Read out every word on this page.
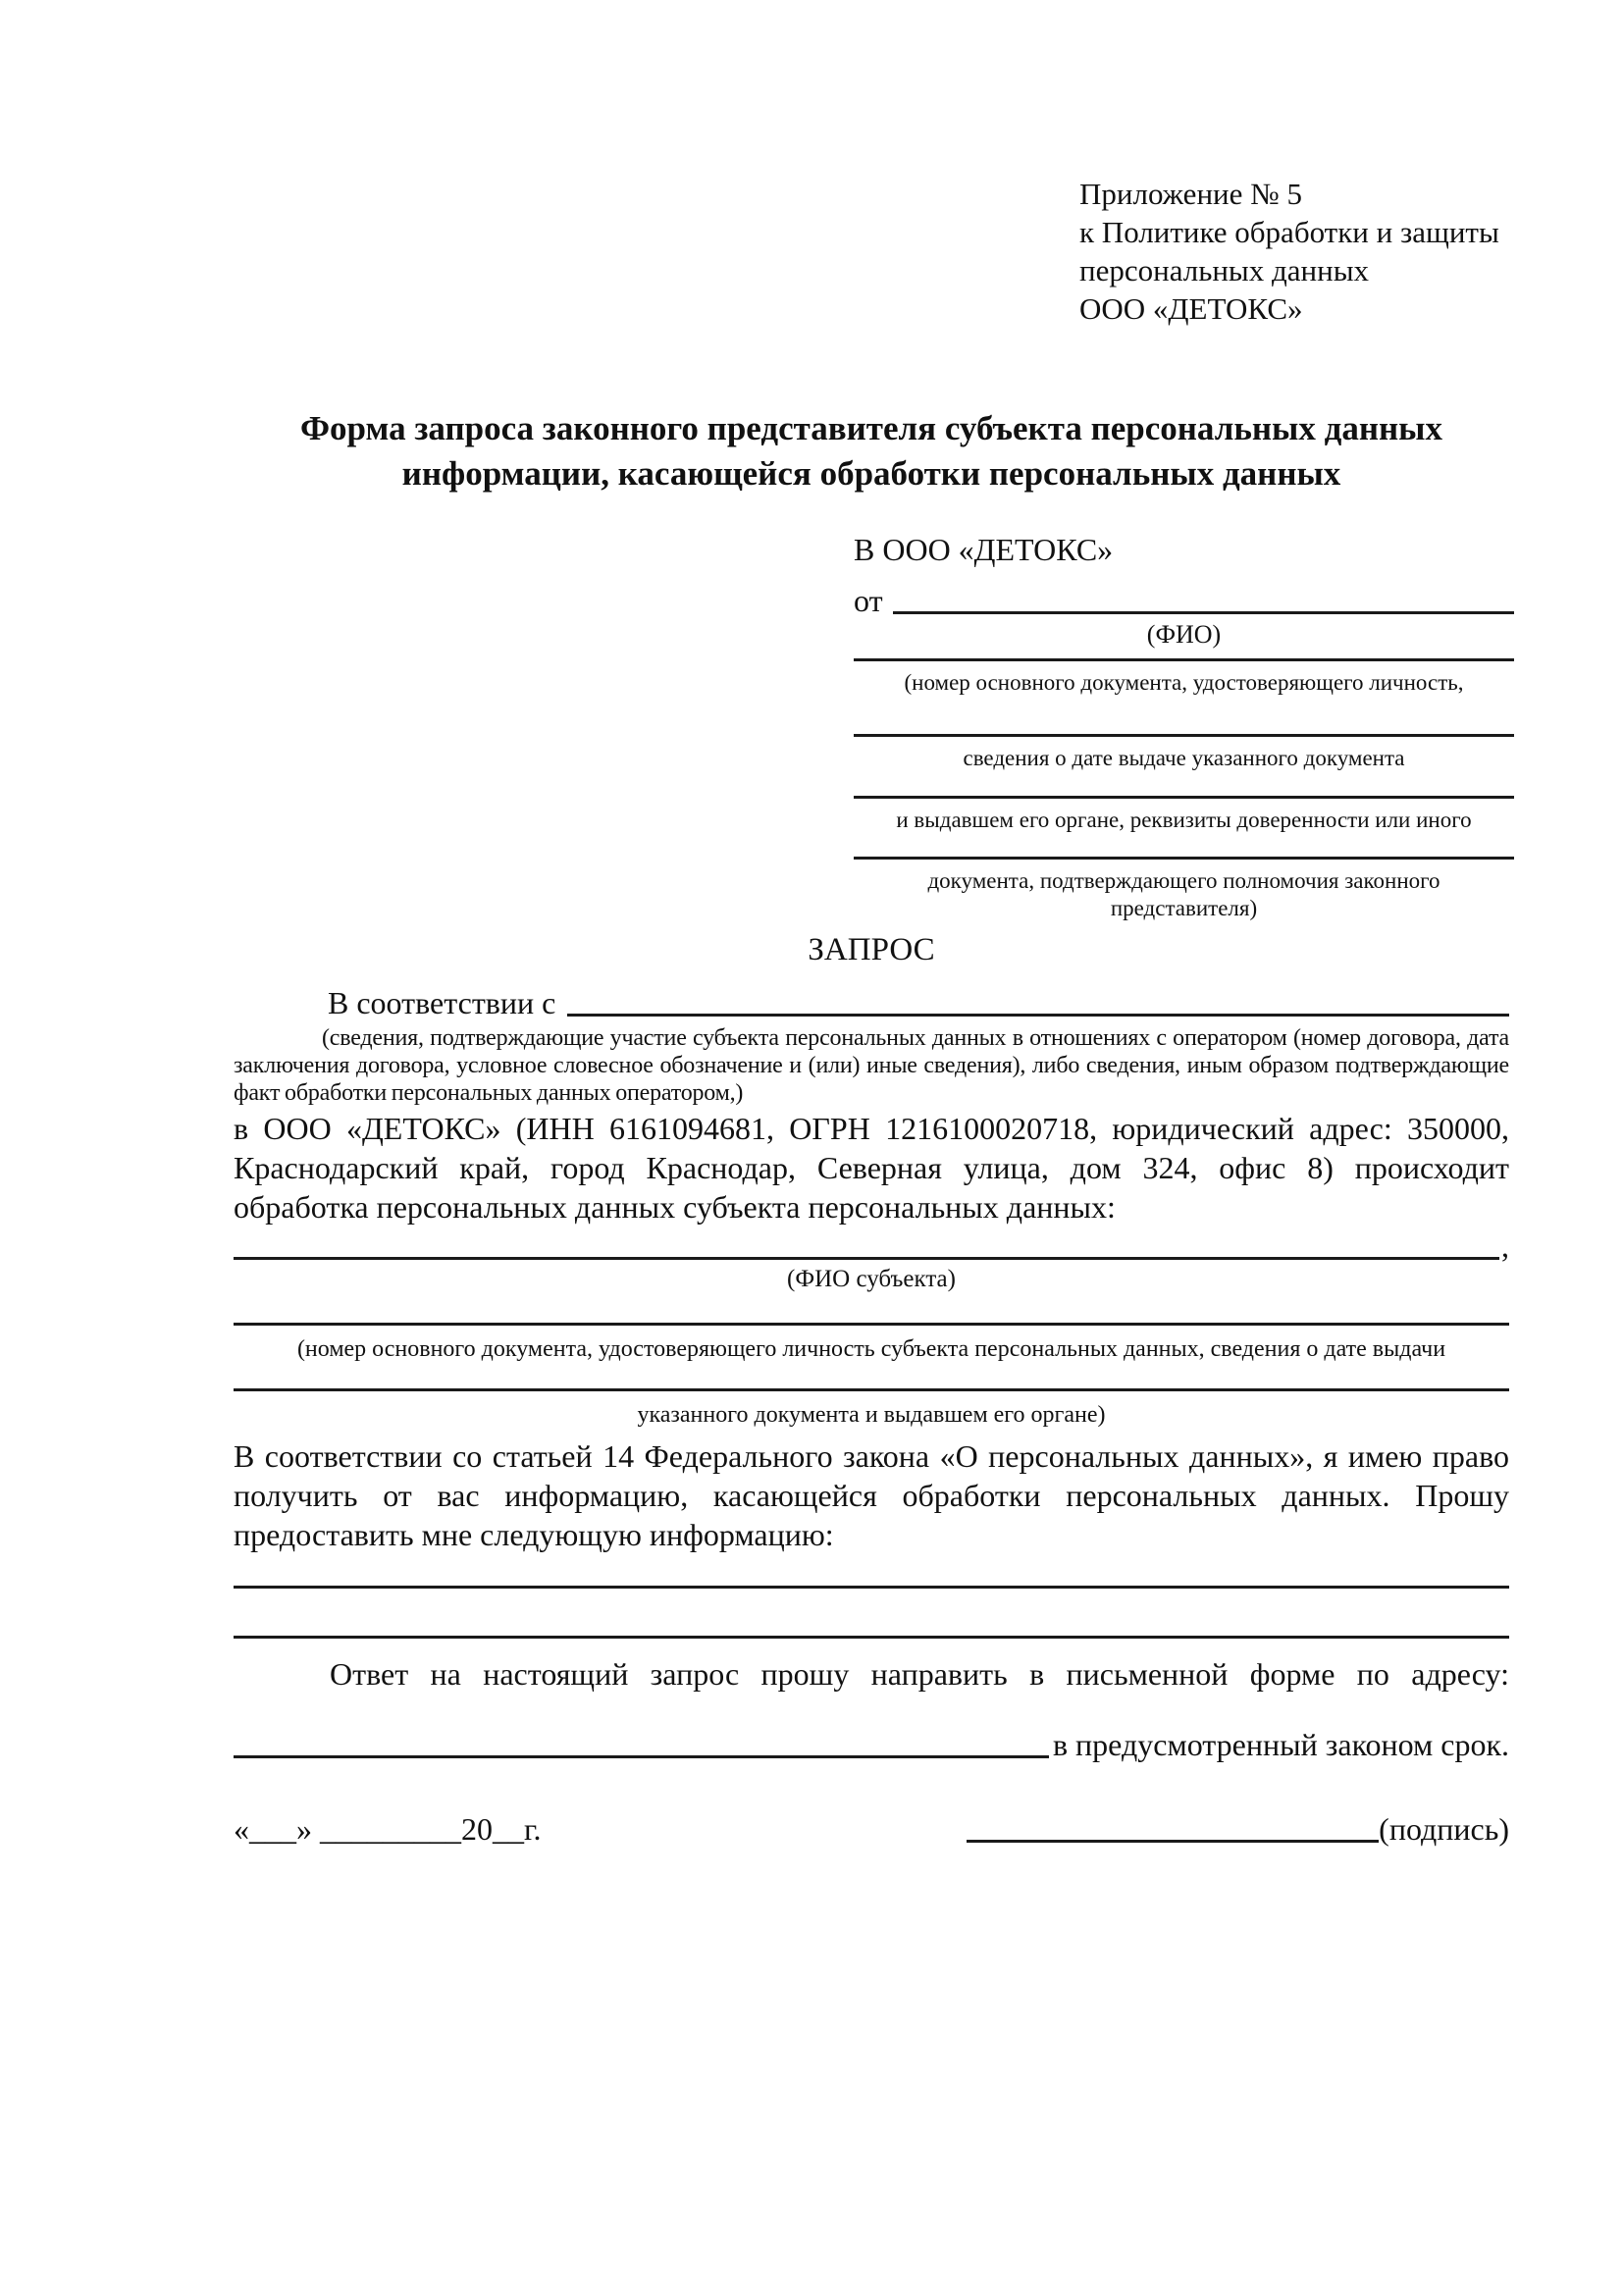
Приложение № 5
к Политике обработки и защиты
персональных данных
ООО «ДЕТОКС»
Форма запроса законного представителя субъекта персональных данных информации, касающейся обработки персональных данных
В ООО «ДЕТОКС»
от
(ФИО)
(номер основного документа, удостоверяющего личность,
сведения о дате выдаче указанного документа
и выдавшем его органе, реквизиты доверенности или иного
документа, подтверждающего полномочия законного представителя)
ЗАПРОС
В соответствии с

(сведения, подтверждающие участие субъекта персональных данных в отношениях с оператором (номер договора, дата заключения договора, условное словесное обозначение и (или) иные сведения), либо сведения, иным образом подтверждающие факт обработки персональных данных оператором,)

в ООО «ДЕТОКС» (ИНН 6161094681, ОГРН 1216100020718, юридический адрес: 350000, Краснодарский край, город Краснодар, Северная улица, дом 324, офис 8) происходит обработка персональных данных субъекта персональных данных:

,
(ФИО субъекта)
(номер основного документа, удостоверяющего личность субъекта персональных данных, сведения о дате выдачи
указанного документа и выдавшем его органе)

В соответствии со статьей 14 Федерального закона «О персональных данных», я имею право получить от вас информацию, касающейся обработки персональных данных. Прошу предоставить мне следующую информацию:

Ответ на настоящий запрос прошу направить в письменной форме по адресу:

в предусмотренный законом срок.
«___» _________20__г.	(подпись)
